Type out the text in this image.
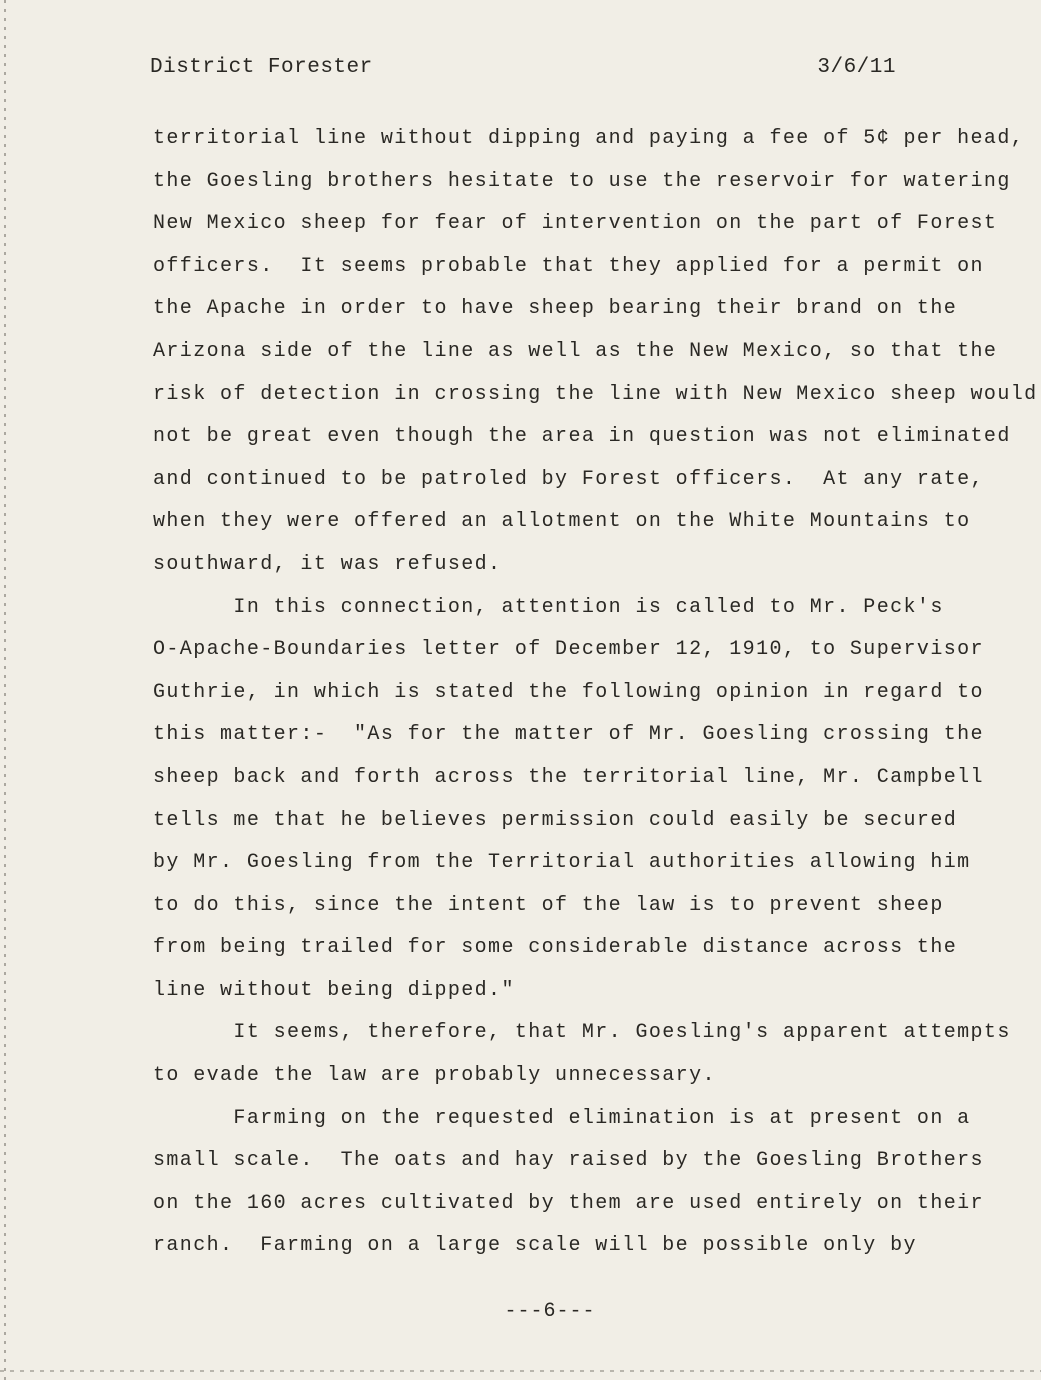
District Forester	3/6/11
territorial line without dipping and paying a fee of 5¢ per head,
the Goesling brothers hesitate to use the reservoir for watering
New Mexico sheep for fear of intervention on the part of Forest
officers.  It seems probable that they applied for a permit on
the Apache in order to have sheep bearing their brand on the
Arizona side of the line as well as the New Mexico, so that the
risk of detection in crossing the line with New Mexico sheep would
not be great even though the area in question was not eliminated
and continued to be patroled by Forest officers.  At any rate,
when they were offered an allotment on the White Mountains to
southward, it was refused.
In this connection, attention is called to Mr. Peck's
O-Apache-Boundaries letter of December 12, 1910, to Supervisor
Guthrie, in which is stated the following opinion in regard to
this matter:-  "As for the matter of Mr. Goesling crossing the
sheep back and forth across the territorial line, Mr. Campbell
tells me that he believes permission could easily be secured
by Mr. Goesling from the Territorial authorities allowing him
to do this, since the intent of the law is to prevent sheep
from being trailed for some considerable distance across the
line without being dipped."
It seems, therefore, that Mr. Goesling's apparent attempts
to evade the law are probably unnecessary.
Farming on the requested elimination is at present on a
small scale.  The oats and hay raised by the Goesling Brothers
on the 160 acres cultivated by them are used entirely on their
ranch.  Farming on a large scale will be possible only by
---6---
